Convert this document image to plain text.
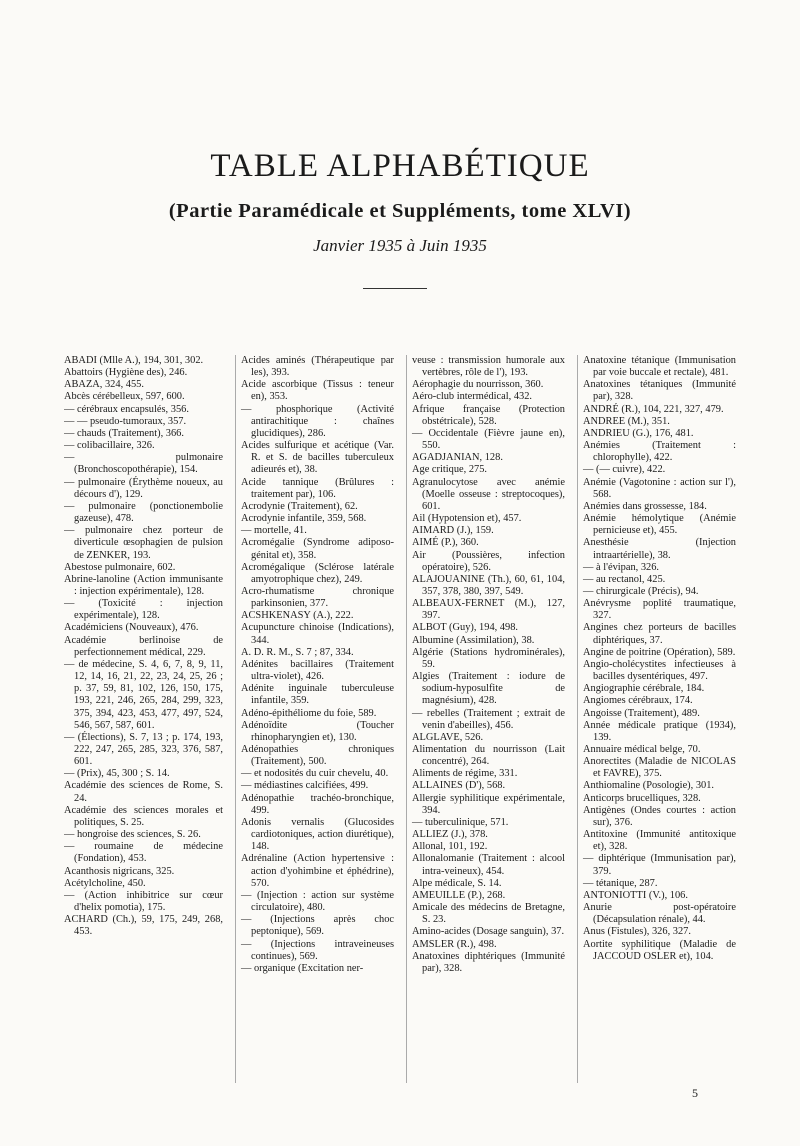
TABLE ALPHABÉTIQUE
(Partie Paramédicale et Suppléments, tome XLVI)
Janvier 1935 à Juin 1935

ABADI (Mlle A.), 194, 301, 302.

Abattoirs (Hygiène des), 246.

ABAZA, 324, 455.

Abcès cérébelleux, 597, 600.

— cérébraux encapsulés, 356.

— — pseudo-tumoraux, 357.

— chauds (Traitement), 366.

— colibacillaire, 326.

— pulmonaire (Bronchoscopothérapie), 154.

— pulmonaire (Érythème noueux, au décours d'), 129.

— pulmonaire (ponctionembolie gazeuse), 478.

— pulmonaire chez porteur de diverticule œsophagien de pulsion de ZENKER, 193.

Abestose pulmonaire, 602.

Abrine-lanoline (Action immunisante : injection expérimentale), 128.

— (Toxicité : injection expérimentale), 128.

Académiciens (Nouveaux), 476.

Académie berlinoise de perfectionnement médical, 229.

— de médecine, S. 4, 6, 7, 8, 9, 11, 12, 14, 16, 21, 22, 23, 24, 25, 26 ; p. 37, 59, 81, 102, 126, 150, 175, 193, 221, 246, 265, 284, 299, 323, 375, 394, 423, 453, 477, 497, 524, 546, 567, 587, 601.

— (Élections), S. 7, 13 ; p. 174, 193, 222, 247, 265, 285, 323, 376, 587, 601.

— (Prix), 45, 300 ; S. 14.

Académie des sciences de Rome, S. 24.

Académie des sciences morales et politiques, S. 25.

— hongroise des sciences, S. 26.

— roumaine de médecine (Fondation), 453.

Acanthosis nigricans, 325.

Acétylcholine, 450.

— (Action inhibitrice sur cœur d'helix pomotia), 175.

ACHARD (Ch.), 59, 175, 249, 268, 453.

Acides aminés (Thérapeutique par les), 393.

Acide ascorbique (Tissus : teneur en), 353.

— phosphorique (Activité antirachitique : chaînes glucidiques), 286.

Acides sulfurique et acétique (Var. R. et S. de bacilles tuberculeux adieurés et), 38.

Acide tannique (Brûlures : traitement par), 106.

Acrodynie (Traitement), 62.

Acrodynie infantile, 359, 568.

— mortelle, 41.

Acromégalie (Syndrome adiposo-génital et), 358.

Acromégalique (Sclérose latérale amyotrophique chez), 249.

Acro-rhumatisme chronique parkinsonien, 377.

ACSHKENASY (A.), 222.

Acupuncture chinoise (Indications), 344.

A. D. R. M., S. 7 ; 87, 334.

Adénites bacillaires (Traitement ultra-violet), 426.

Adénite inguinale tuberculeuse infantile, 359.

Adéno-épithéliome du foie, 589.

Adénoïdite (Toucher rhinopharyngien et), 130.

Adénopathies chroniques (Traitement), 500.

— et nodosités du cuir chevelu, 40.

— médiastines calcifiées, 499.

Adénopathie trachéo-bronchique, 499.

Adonis vernalis (Glucosides cardiotoniques, action diurétique), 148.

Adrénaline (Action hypertensive : action d'yohimbine et éphédrine), 570.

— (Injection : action sur système circulatoire), 480.

— (Injections après choc peptonique), 569.

— (Injections intraveineuses continues), 569.

— organique (Excitation ner-

veuse : transmission humorale aux vertèbres, rôle de l'), 193.

Aérophagie du nourrisson, 360.

Aéro-club intermédical, 432.

Afrique française (Protection obstétricale), 528.

— Occidentale (Fièvre jaune en), 550.

AGADJANIAN, 128.

Age critique, 275.

Agranulocytose avec anémie (Moelle osseuse : streptocoques), 601.

Ail (Hypotension et), 457.

AIMARD (J.), 159.

AIMÉ (P.), 360.

Air (Poussières, infection opératoire), 526.

ALAJOUANINE (Th.), 60, 61, 104, 357, 378, 380, 397, 549.

ALBEAUX-FERNET (M.), 127, 397.

ALBOT (Guy), 194, 498.

Albumine (Assimilation), 38.

Algérie (Stations hydrominérales), 59.

Algies (Traitement : iodure de sodium-hyposulfite de magnésium), 428.

— rebelles (Traitement ; extrait de venin d'abeilles), 456.

ALGLAVE, 526.

Alimentation du nourrisson (Lait concentré), 264.

Aliments de régime, 331.

ALLAINES (D'), 568.

Allergie syphilitique expérimentale, 394.

— tuberculinique, 571.

ALLIEZ (J.), 378.

Allonal, 101, 192.

Allonalomanie (Traitement : alcool intra-veineux), 454.

Alpe médicale, S. 14.

AMEUILLE (P.), 268.

Amicale des médecins de Bretagne, S. 23.

Amino-acides (Dosage sanguin), 37.

AMSLER (R.), 498.

Anatoxines diphtériques (Immunité par), 328.

Anatoxine tétanique (Immunisation par voie buccale et rectale), 481.

Anatoxines tétaniques (Immunité par), 328.

ANDRÉ (R.), 104, 221, 327, 479.

ANDREE (M.), 351.

ANDRIEU (G.), 176, 481.

Anémies (Traitement : chlorophylle), 422.

— (— cuivre), 422.

Anémie (Vagotonine : action sur l'), 568.

Anémies dans grossesse, 184.

Anémie hémolytique (Anémie pernicieuse et), 455.

Anesthésie (Injection intraartérielle), 38.

— à l'évipan, 326.

— au rectanol, 425.

— chirurgicale (Précis), 94.

Anévrysme poplité traumatique, 327.

Angines chez porteurs de bacilles diphtériques, 37.

Angine de poitrine (Opération), 589.

Angio-cholécystites infectieuses à bacilles dysentériques, 497.

Angiographie cérébrale, 184.

Angiomes cérébraux, 174.

Angoisse (Traitement), 489.

Année médicale pratique (1934), 139.

Annuaire médical belge, 70.

Anorectites (Maladie de NICOLAS et FAVRE), 375.

Anthiomaline (Posologie), 301.

Anticorps brucelliques, 328.

Antigènes (Ondes courtes : action sur), 376.

Antitoxine (Immunité antitoxique et), 328.

— diphtérique (Immunisation par), 379.

— tétanique, 287.

ANTONIOTTI (V.), 106.

Anurie post-opératoire (Décapsulation rénale), 44.

Anus (Fistules), 326, 327.

Aortite syphilitique (Maladie de JACCOUD OSLER et), 104.

5
